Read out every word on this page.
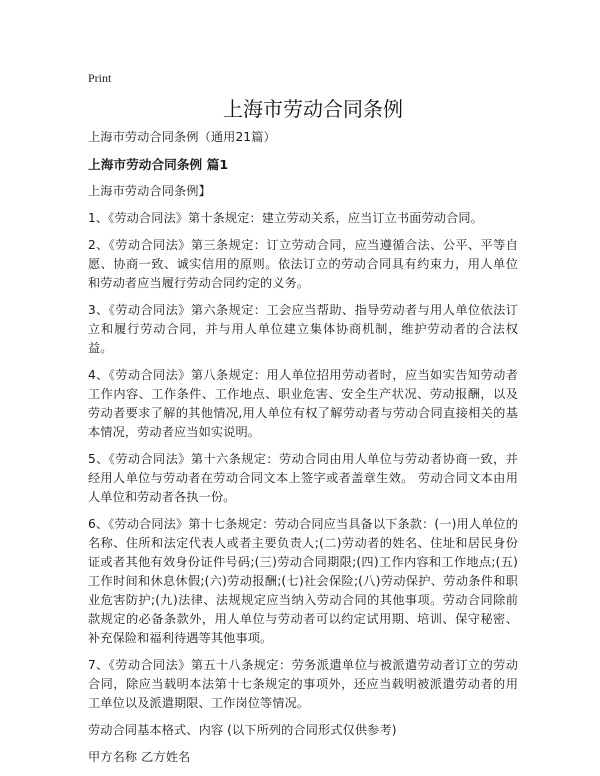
Print
上海市劳动合同条例

上海市劳动合同条例（通用21篇）

上海市劳动合同条例 篇1

上海市劳动合同条例】

1、《劳动合同法》第十条规定：建立劳动关系，应当订立书面劳动合同。

2、《劳动合同法》第三条规定：订立劳动合同，应当遵循合法、公平、平等自愿、协商一致、诚实信用的原则。依法订立的劳动合同具有约束力，用人单位和劳动者应当履行劳动合同约定的义务。

3、《劳动合同法》第六条规定：工会应当帮助、指导劳动者与用人单位依法订立和履行劳动合同，并与用人单位建立集体协商机制，维护劳动者的合法权益。

4、《劳动合同法》第八条规定：用人单位招用劳动者时，应当如实告知劳动者工作内容、工作条件、工作地点、职业危害、安全生产状况、劳动报酬，以及劳动者要求了解的其他情况,用人单位有权了解劳动者与劳动合同直接相关的基本情况，劳动者应当如实说明。

5、《劳动合同法》第十六条规定：劳动合同由用人单位与劳动者协商一致，并经用人单位与劳动者在劳动合同文本上签字或者盖章生效。 劳动合同文本由用人单位和劳动者各执一份。

6、《劳动合同法》第十七条规定：劳动合同应当具备以下条款：(一)用人单位的名称、住所和法定代表人或者主要负责人;(二)劳动者的姓名、住址和居民身份证或者其他有效身份证件号码;(三)劳动合同期限;(四)工作内容和工作地点;(五)工作时间和休息休假;(六)劳动报酬;(七)社会保险;(八)劳动保护、劳动条件和职业危害防护;(九)法律、法规规定应当纳入劳动合同的其他事项。劳动合同除前款规定的必备条款外，用人单位与劳动者可以约定试用期、培训、保守秘密、补充保险和福利待遇等其他事项。

7、《劳动合同法》第五十八条规定：劳务派遣单位与被派遣劳动者订立的劳动合同，除应当载明本法第十七条规定的事项外，还应当载明被派遣劳动者的用工单位以及派遣期限、工作岗位等情况。

劳动合同基本格式、内容 (以下所列的合同形式仅供参考)

甲方名称 乙方姓名
